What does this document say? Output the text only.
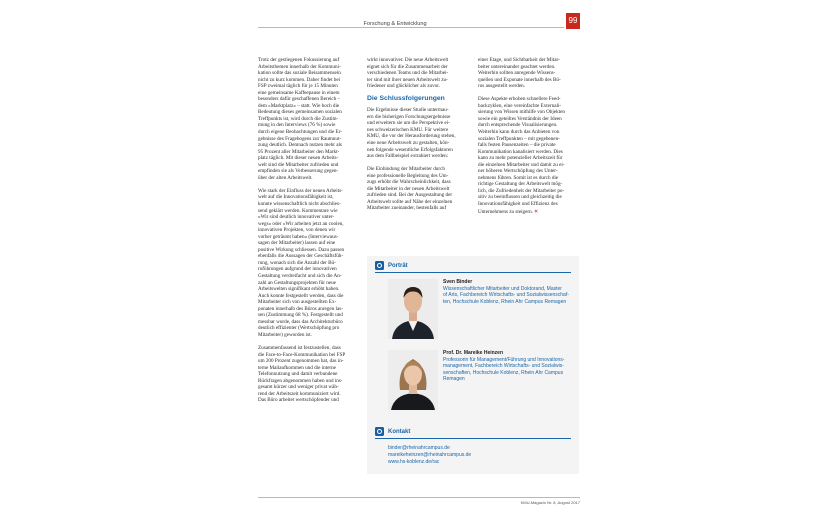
Forschung & Entwicklung	99

Trotz der gestiegenen Fokussierung auf
Arbeitsthemen innerhalb der Kommuni-
kation sollte das soziale Beisammensein
nicht zu kurz kommen. Daher findet bei
FSP zweimal täglich für je 15 Minuten
eine gemeinsame Kaffeepause in einem
besonders dafür geschaffenen Bereich –
dem »Marktplatz« – statt. Wie hoch die
Bedeutung dieses gemeinsamen sozialen
Treffpunkts ist, wird durch die Zustim-
mung in den Interviews (76 %) sowie
durch eigene Beobachtungen und die Er-
gebnisse des Fragebogens zur Raumnut-
zung deutlich. Demnach nutzen mehr als
95 Prozent aller Mitarbeiter den Markt-
platz täglich. Mit dieser neuen Arbeits-
welt sind die Mitarbeiter zufrieden und
empfinden sie als Verbesserung gegen-
über der alten Arbeitswelt.

Wie stark der Einfluss der neuen Arbeits-
welt auf die Innovationsfähigkeit ist,
konnte wissenschaftlich nicht abschlies-
send geklärt werden. Kommentare wie
»Wir sind deutlich innovativer unter-
wegs« oder »Wir arbeiten jetzt an coolen,
innovativen Projekten, von denen wir
vorher geträumt haben« (Interviewaus-
sagen der Mitarbeiter) lassen auf eine
positive Wirkung schliessen. Dazu passen
ebenfalls die Aussagen der Geschäftsfüh-
rung, wonach sich die Anzahl der Bü-
roführungen aufgrund der innovativen
Gestaltung verdreifacht und sich die An-
zahl an Gestaltungsprojekten für neue
Arbeitswelten signifikant erhöht haben.
Auch konnte festgestellt werden, dass die
Mitarbeiter sich von ausgestellten Ex-
ponaten innerhalb des Büros anregen las-
sen (Zustimmung 68 %). Festgestellt und
messbar wurde, dass das Architekturbüro
deutlich effizienter (Wertschöpfung pro
Mitarbeiter) geworden ist.

Zusammenfassend ist festzustellen, dass
die Face-to-Face-Kommunikation bei FSP
um 200 Prozent zugenommen hat, das in-
terne Mailaufkommen und die interne
Telefonnutzung und damit verbundene
Rückfragen abgenommen haben und ins-
gesamt kürzer und weniger privat wäh-
rend der Arbeitszeit kommuniziert wird.
Das Büro arbeitet wertschöpfender und

wirkt innovativer. Die neue Arbeitswelt
eignet sich für die Zusammenarbeit der
verschiedenen Teams und die Mitarbei-
ter sind mit ihrer neuen Arbeitswelt zu-
friedener und glücklicher als zuvor.

Die Schlussfolgerungen

Die Ergebnisse dieser Studie untermau-
ern die bisherigen Forschungsergebnisse
und erweitern sie um die Perspektive ei-
nes schweizerischen KMU. Für weitere
KMU, die vor der Herausforderung stehen,
eine neue Arbeitswelt zu gestalten, kön-
nen folgende wesentliche Erfolgsfaktoren
aus dem Fallbeispiel extrahiert werden:

Die Einbindung der Mitarbeiter durch
eine professionelle Begleitung des Um-
zugs erhöht die Wahrscheinlichkeit, dass
die Mitarbeiter in der neuen Arbeitswelt
zufrieden sind. Bei der Ausgestaltung der
Arbeitswelt sollte auf Nähe der einzelnen
Mitarbeiter zueinander, bestenfalls auf

einer Etage, und Sichtbarkeit der Mitar-
beiter untereinander geachtet werden.
Weiterhin sollten anregende Wissens-
quellen und Exponate innerhalb des Bü-
ros ausgestellt werden.

Diese Aspekte erhoben schnellere Feed-
backzyklen, eine vereinfachte Externali-
sierung von Wissen mithilfe von Objekten
sowie ein geteiltes Verständnis der Ideen
durch entsprechende Visualisierungen.
Weiterhin kann durch das Anbieten von
sozialen Treffpunkten – mit gegebenen-
falls festen Pausenzeiten – die private
Kommunikation kanalisiert werden. Dies
kann zu mehr potenzieller Arbeitszeit für
die einzelnen Mitarbeiter und damit zu ei-
ner höheren Wertschöpfung des Unter-
nehmens führen. Somit ist es durch die
richtige Gestaltung der Arbeitswelt mög-
lich, die Zufriedenheit der Mitarbeiter po-
sitiv zu beeinflussen und gleichzeitig die
Innovationsfähigkeit und Effizienz des
Unternehmens zu steigern. «

Porträt
Sven Binder
Wissenschaftlicher Mitarbeiter und Doktorand, Master
of Arts, Fachbereich Wirtschafts- und Sozialwissenschaf-
ten, Hochschule Koblenz, Rhein Ahr Campus Remagen
Prof. Dr. Mareike Heinzen
Professorin für Management/Führung und Innovations-
management, Fachbereich Wirtschafts- und Sozialwis-
senschaften, Hochschule Koblenz, Rhein Ahr Campus
Remagen
Kontakt
binder@rheinahrcampus.de
mareikeheinzen@rheinahrcampus.de
www.hs-koblenz.de/rac
KMU-Magazin Nr. 8, August 2017
